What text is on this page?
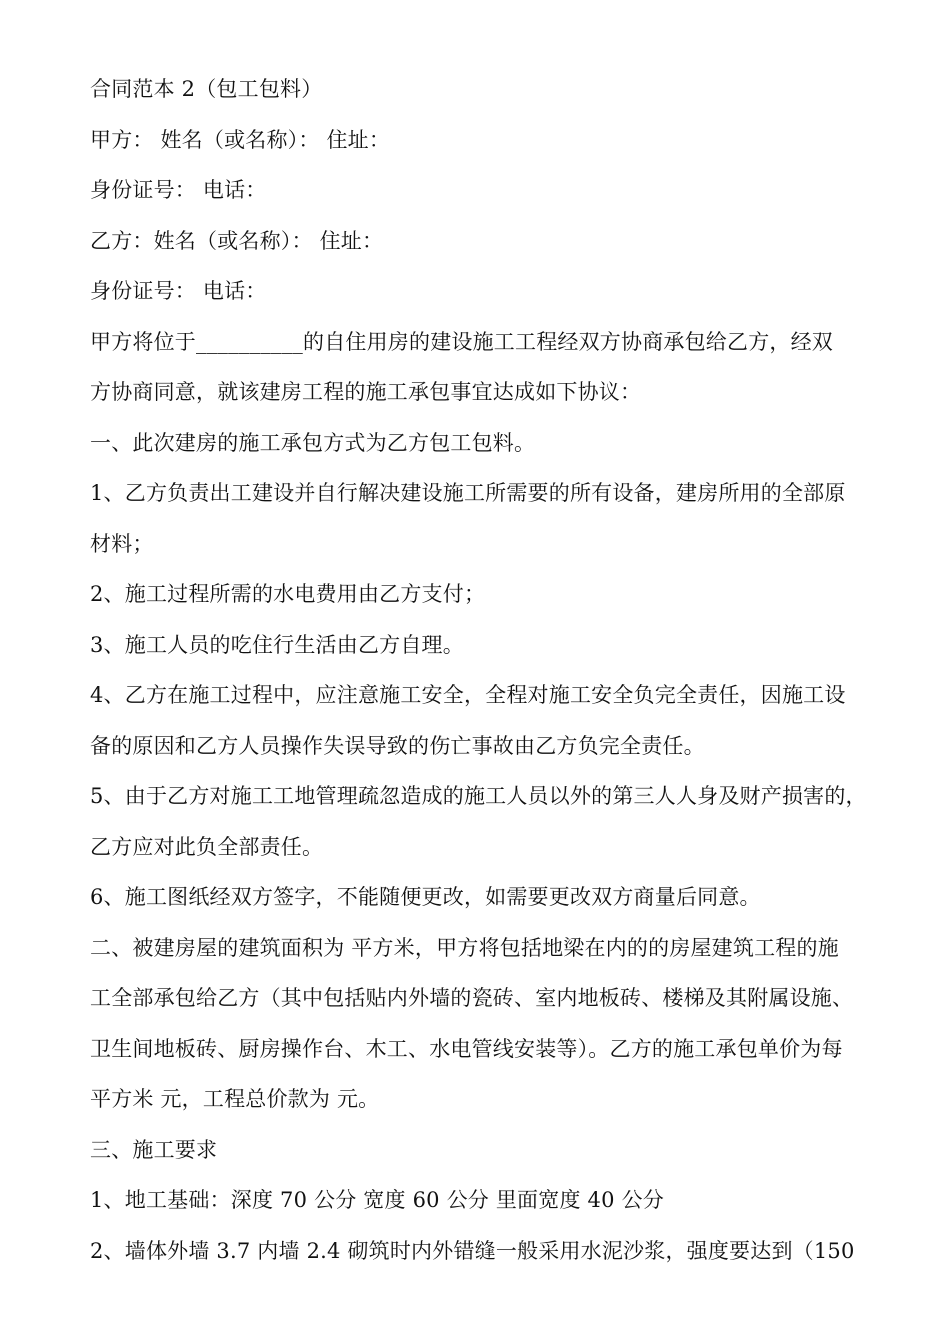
合同范本 2（包工包料）
甲方： 姓名（或名称）： 住址：
身份证号： 电话：
乙方：姓名（或名称）： 住址：
身份证号： 电话：
甲方将位于__________的自住用房的建设施工工程经双方协商承包给乙方，经双
方协商同意，就该建房工程的施工承包事宜达成如下协议：
一、此次建房的施工承包方式为乙方包工包料。
1、乙方负责出工建设并自行解决建设施工所需要的所有设备，建房所用的全部原
材料；
2、施工过程所需的水电费用由乙方支付；
3、施工人员的吃住行生活由乙方自理。
4、乙方在施工过程中，应注意施工安全，全程对施工安全负完全责任，因施工设
备的原因和乙方人员操作失误导致的伤亡事故由乙方负完全责任。
5、由于乙方对施工工地管理疏忽造成的施工人员以外的第三人人身及财产损害的，
乙方应对此负全部责任。
6、施工图纸经双方签字，不能随便更改，如需要更改双方商量后同意。
二、被建房屋的建筑面积为 平方米，甲方将包括地梁在内的的房屋建筑工程的施
工全部承包给乙方（其中包括贴内外墙的瓷砖、室内地板砖、楼梯及其附属设施、
卫生间地板砖、厨房操作台、木工、水电管线安装等）。乙方的施工承包单价为每
平方米 元，工程总价款为 元。
三、施工要求
1、地工基础：深度 70 公分 宽度 60 公分 里面宽度 40 公分
2、墙体外墙 3.7 内墙 2.4 砌筑时内外错缝一般采用水泥沙浆，强度要达到（150
